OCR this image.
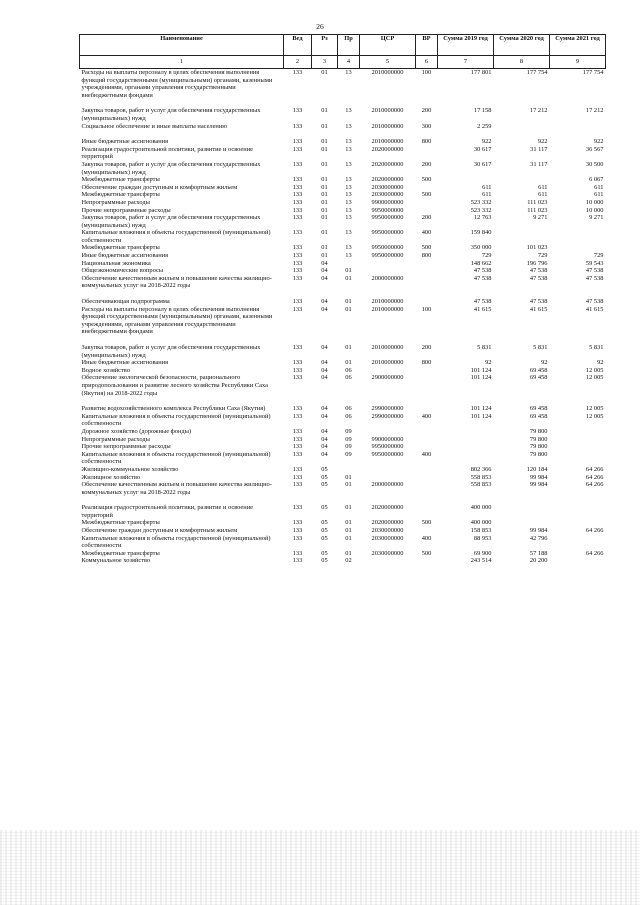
26
Наименование	Вед	Рз	Пр	ЦСР	ВР	Сумма 2019 год	Сумма 2020 год	Сумма 2021 год
1	2	3	4	5	6	7	8	9
Расходы на выплаты персоналу в целях обеспечения выполнения функций государственными (муниципальными) органами, казенными учреждениями, органами управления государственными внебюджетными фондами	133	01	13	2010000000	100	177 801	177 754	177 754

Закупка товаров, работ и услуг для обеспечения государственных (муниципальных) нужд	133	01	13	2010000000	200	17 158	17 212	17 212
Социальное обеспечение и иные выплаты населению	133	01	13	2010000000	300	2 259		

Иные бюджетные ассигнования	133	01	13	2010000000	800	922	922	922
Реализация градостроительной политики, развитие и освоение территорий	133	01	13	2020000000		30 617	31 117	36 567
Закупка товаров, работ и услуг для обеспечения государственных (муниципальных) нужд	133	01	13	2020000000	200	30 617	31 117	30 500
Межбюджетные трансферты	133	01	13	2020000000	500			6 067
Обеспечение граждан доступным и комфортным жильем	133	01	13	2030000000		611	611	611
Межбюджетные трансферты	133	01	13	2030000000	500	611	611	611
Непрограммные расходы	133	01	13	9900000000		523 332	111 023	10 000
Прочие непрограммные расходы	133	01	13	9950000000		523 332	111 023	10 000
Закупка товаров, работ и услуг для обеспечения государственных (муниципальных) нужд	133	01	13	9950000000	200	12 763	9 271	9 271
Капитальные вложения в объекты государственной (муниципальной) собственности	133	01	13	9950000000	400	159 840		
Межбюджетные трансферты	133	01	13	9950000000	500	350 000	101 023	
Иные бюджетные ассигнования	133	01	13	9950000000	800	729	729	729
Национальная экономика	133	04				148 662	196 796	59 543
Общеэкономические вопросы	133	04	01			47 538	47 538	47 538
Обеспечение качественным жильем и повышение качества жилищно-коммунальных услуг на 2018-2022 годы	133	04	01	2000000000		47 538	47 538	47 538

Обеспечивающая подпрограмма	133	04	01	2010000000		47 538	47 538	47 538
Расходы на выплаты персоналу в целях обеспечения выполнения функций государственными (муниципальными) органами, казенными учреждениями, органами управления государственными внебюджетными фондами	133	04	01	2010000000	100	41 615	41 615	41 615

Закупка товаров, работ и услуг для обеспечения государственных (муниципальных) нужд	133	04	01	2010000000	200	5 831	5 831	5 831
Иные бюджетные ассигнования	133	04	01	2010000000	800	92	92	92
Водное хозяйство	133	04	06			101 124	69 458	12 005
Обеспечение экологической безопасности, рационального природопользования и развитие лесного хозяйства Республики Саха (Якутия) на 2018-2022 годы	133	04	06	2900000000		101 124	69 458	12 005

Развитие водохозяйственного комплекса Республики Саха (Якутия)	133	04	06	2990000000		101 124	69 458	12 005
Капитальные вложения в объекты государственной (муниципальной) собственности	133	04	06	2990000000	400	101 124	69 458	12 005
Дорожное хозяйство (дорожные фонды)	133	04	09				79 800	
Непрограммные расходы	133	04	09	9900000000			79 800	
Прочие непрограммные расходы	133	04	09	9950000000			79 800	
Капитальные вложения в объекты государственной (муниципальной) собственности	133	04	09	9950000000	400		79 800	
Жилищно-коммунальное хозяйство	133	05				802 366	120 184	64 266
Жилищное хозяйство	133	05	01			558 853	99 984	64 266
Обеспечение качественным жильем и повышение качества жилищно-коммунальных услуг на 2018-2022 годы	133	05	01	2000000000		558 853	99 984	64 266

Реализация градостроительной политики, развитие и освоение территорий	133	05	01	2020000000		400 000		
Межбюджетные трансферты	133	05	01	2020000000	500	400 000		
Обеспечение граждан доступным и комфортным жильем	133	05	01	2030000000		158 853	99 984	64 266
Капитальные вложения в объекты государственной (муниципальной) собственности	133	05	01	2030000000	400	88 953	42 796	
Межбюджетные трансферты	133	05	01	2030000000	500	69 900	57 188	64 266
Коммунальное хозяйство	133	05	02			243 514	20 200	
